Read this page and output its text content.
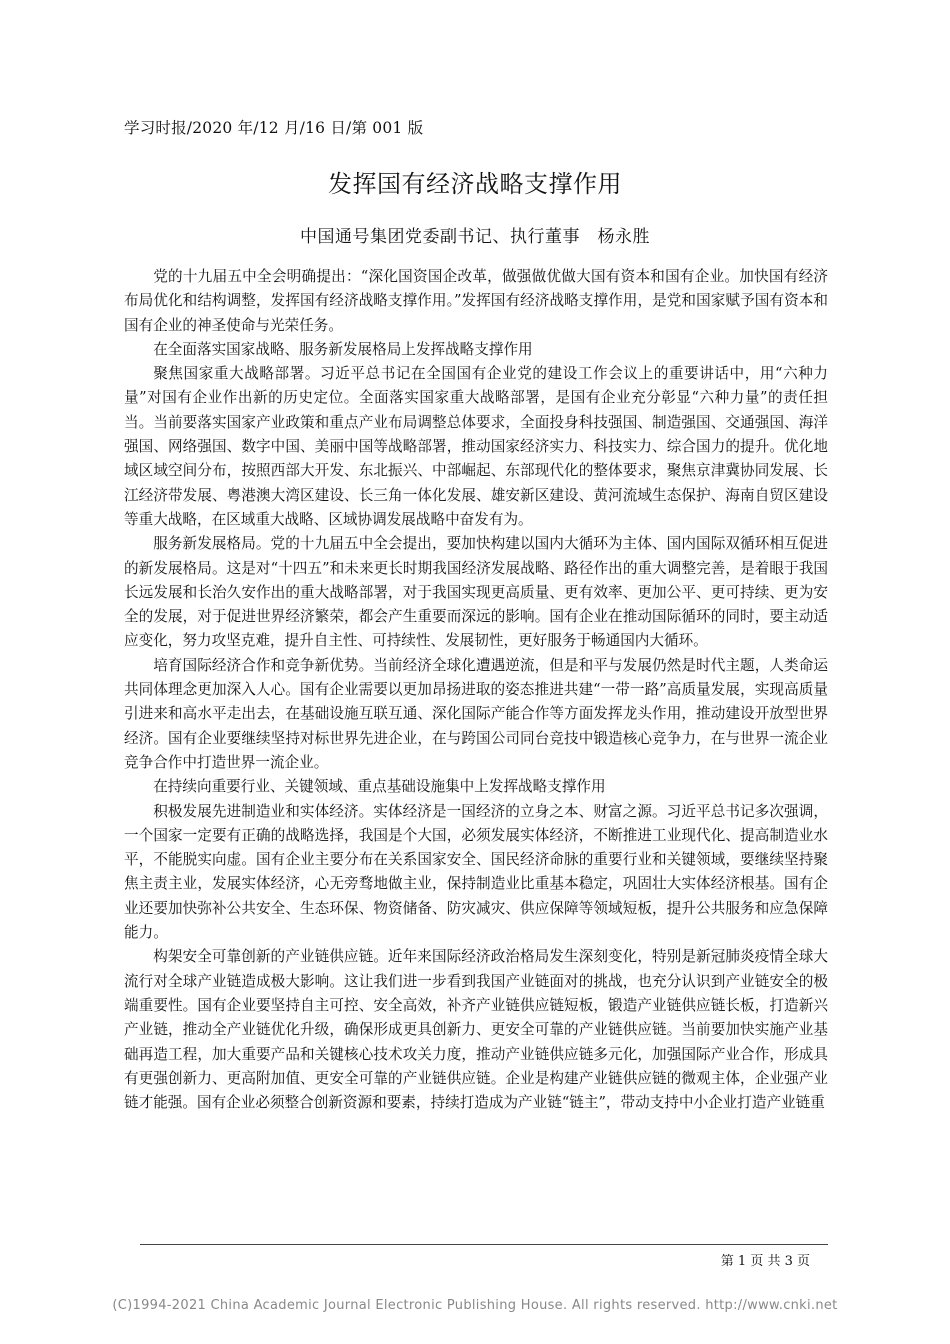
学习时报/2020 年/12 月/16 日/第 001 版
发挥国有经济战略支撑作用
中国通号集团党委副书记、执行董事　杨永胜

党的十九届五中全会明确提出：“深化国资国企改革，做强做优做大国有资本和国有企业。加快国有经济布局优化和结构调整，发挥国有经济战略支撑作用。”发挥国有经济战略支撑作用，是党和国家赋予国有资本和国有企业的神圣使命与光荣任务。

在全面落实国家战略、服务新发展格局上发挥战略支撑作用

聚焦国家重大战略部署。习近平总书记在全国国有企业党的建设工作会议上的重要讲话中，用“六种力量”对国有企业作出新的历史定位。全面落实国家重大战略部署，是国有企业充分彰显“六种力量”的责任担当。当前要落实国家产业政策和重点产业布局调整总体要求，全面投身科技强国、制造强国、交通强国、海洋强国、网络强国、数字中国、美丽中国等战略部署，推动国家经济实力、科技实力、综合国力的提升。优化地域区域空间分布，按照西部大开发、东北振兴、中部崛起、东部现代化的整体要求，聚焦京津冀协同发展、长江经济带发展、粤港澳大湾区建设、长三角一体化发展、雄安新区建设、黄河流域生态保护、海南自贸区建设等重大战略，在区域重大战略、区域协调发展战略中奋发有为。

服务新发展格局。党的十九届五中全会提出，要加快构建以国内大循环为主体、国内国际双循环相互促进的新发展格局。这是对“十四五”和未来更长时期我国经济发展战略、路径作出的重大调整完善，是着眼于我国长远发展和长治久安作出的重大战略部署，对于我国实现更高质量、更有效率、更加公平、更可持续、更为安全的发展，对于促进世界经济繁荣，都会产生重要而深远的影响。国有企业在推动国际循环的同时，要主动适应变化，努力攻坚克难，提升自主性、可持续性、发展韧性，更好服务于畅通国内大循环。

培育国际经济合作和竞争新优势。当前经济全球化遭遇逆流，但是和平与发展仍然是时代主题，人类命运共同体理念更加深入人心。国有企业需要以更加昂扬进取的姿态推进共建“一带一路”高质量发展，实现高质量引进来和高水平走出去，在基础设施互联互通、深化国际产能合作等方面发挥龙头作用，推动建设开放型世界经济。国有企业要继续坚持对标世界先进企业，在与跨国公司同台竞技中锻造核心竞争力，在与世界一流企业竞争合作中打造世界一流企业。

在持续向重要行业、关键领域、重点基础设施集中上发挥战略支撑作用

积极发展先进制造业和实体经济。实体经济是一国经济的立身之本、财富之源。习近平总书记多次强调，一个国家一定要有正确的战略选择，我国是个大国，必须发展实体经济，不断推进工业现代化、提高制造业水平，不能脱实向虚。国有企业主要分布在关系国家安全、国民经济命脉的重要行业和关键领域，要继续坚持聚焦主责主业，发展实体经济，心无旁骛地做主业，保持制造业比重基本稳定，巩固壮大实体经济根基。国有企业还要加快弥补公共安全、生态环保、物资储备、防灾减灾、供应保障等领域短板，提升公共服务和应急保障能力。

构架安全可靠创新的产业链供应链。近年来国际经济政治格局发生深刻变化，特别是新冠肺炎疫情全球大流行对全球产业链造成极大影响。这让我们进一步看到我国产业链面对的挑战，也充分认识到产业链安全的极端重要性。国有企业要坚持自主可控、安全高效，补齐产业链供应链短板，锻造产业链供应链长板，打造新兴产业链，推动全产业链优化升级，确保形成更具创新力、更安全可靠的产业链供应链。当前要加快实施产业基础再造工程，加大重要产品和关键核心技术攻关力度，推动产业链供应链多元化，加强国际产业合作，形成具有更强创新力、更高附加值、更安全可靠的产业链供应链。企业是构建产业链供应链的微观主体，企业强产业链才能强。国有企业必须整合创新资源和要素，持续打造成为产业链“链主”，带动支持中小企业打造产业链重

第 1 页 共 3 页
(C)1994-2021 China Academic Journal Electronic Publishing House. All rights reserved. http://www.cnki.net
